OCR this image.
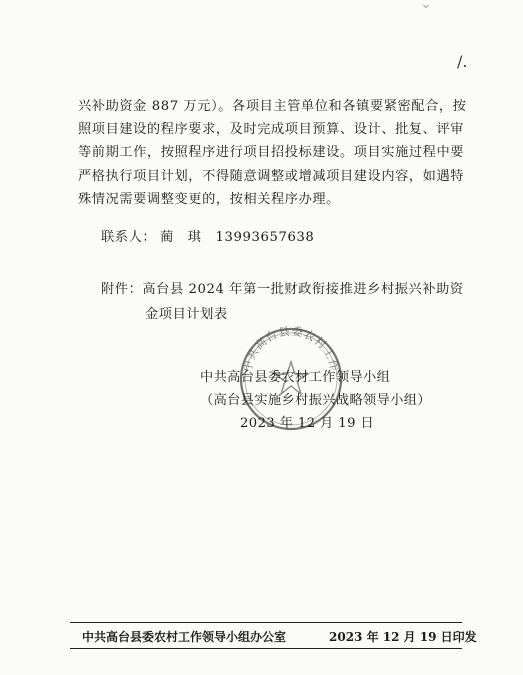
⌄
/.
兴补助资金 887 万元）。各项目主管单位和各镇要紧密配合，按
照项目建设的程序要求，及时完成项目预算、设计、批复、评审
等前期工作，按照程序进行项目招投标建设。项目实施过程中要
严格执行项目计划，不得随意调整或增减项目建设内容，如遇特
殊情况需要调整变更的，按相关程序办理。
联系人： 蔺　琪 13993657638
附件：高台县 2024 年第一批财政衔接推进乡村振兴补助资
金项目计划表
中共高台县委农村工作
中共高台县委农村工作领导小组
（高台县实施乡村振兴战略领导小组）
2023 年 12 月 19 日
中共高台县委农村工作领导小组办公室	2023 年 12 月 19 日印发
